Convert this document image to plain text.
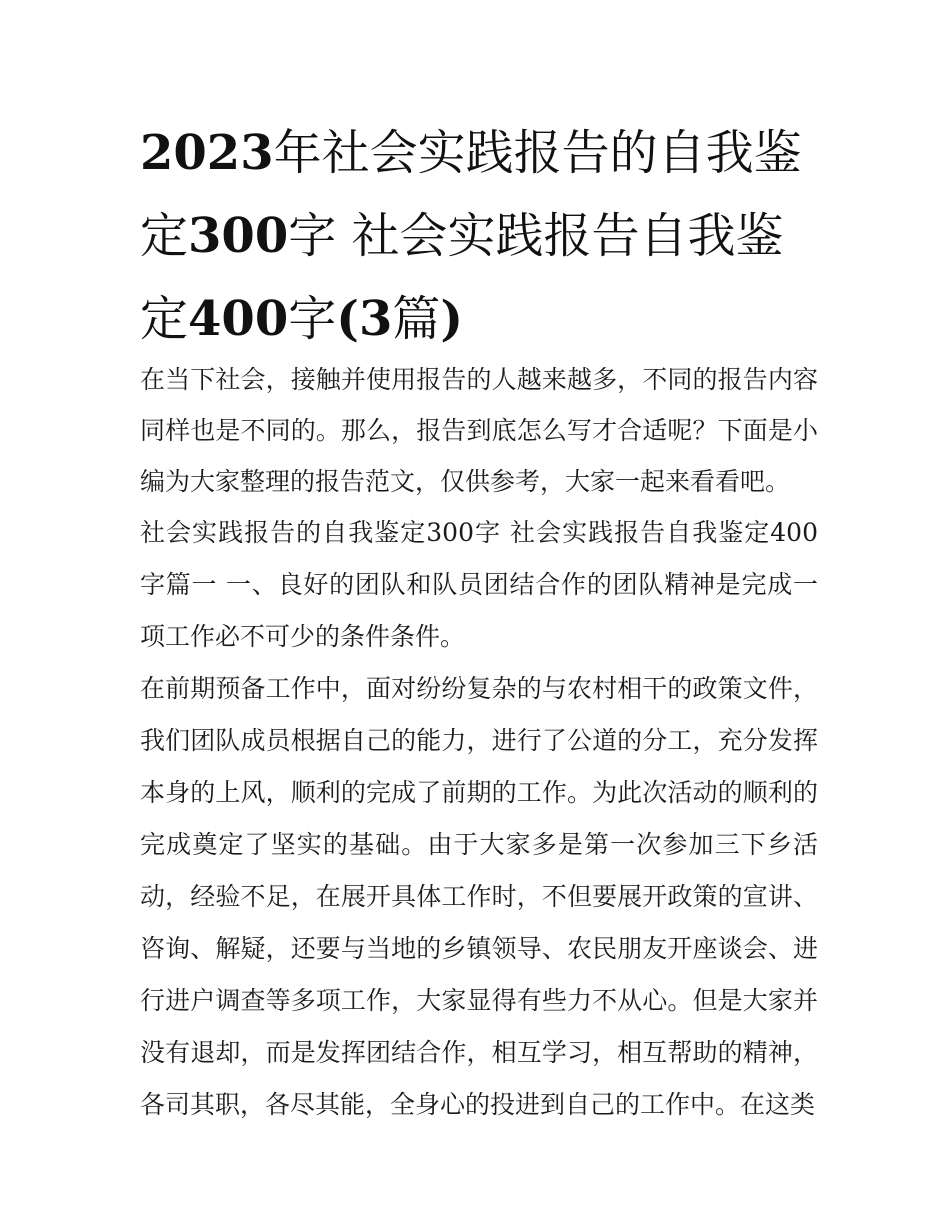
2023年社会实践报告的自我鉴定300字 社会实践报告自我鉴定400字(3篇)

在当下社会，接触并使用报告的人越来越多，不同的报告内容同样也是不同的。那么，报告到底怎么写才合适呢？下面是小编为大家整理的报告范文，仅供参考，大家一起来看看吧。

社会实践报告的自我鉴定300字 社会实践报告自我鉴定400字篇一 一、良好的团队和队员团结合作的团队精神是完成一项工作必不可少的条件条件。

在前期预备工作中，面对纷纷复杂的与农村相干的政策文件，我们团队成员根据自己的能力，进行了公道的分工，充分发挥本身的上风，顺利的完成了前期的工作。为此次活动的顺利的完成奠定了坚实的基础。由于大家多是第一次参加三下乡活动，经验不足，在展开具体工作时，不但要展开政策的宣讲、咨询、解疑，还要与当地的乡镇领导、农民朋友开座谈会、进行进户调查等多项工作，大家显得有些力不从心。但是大家并没有退却，而是发挥团结合作，相互学习，相互帮助的精神，各司其职，各尽其能，全身心的投进到自己的工作中。在这类
